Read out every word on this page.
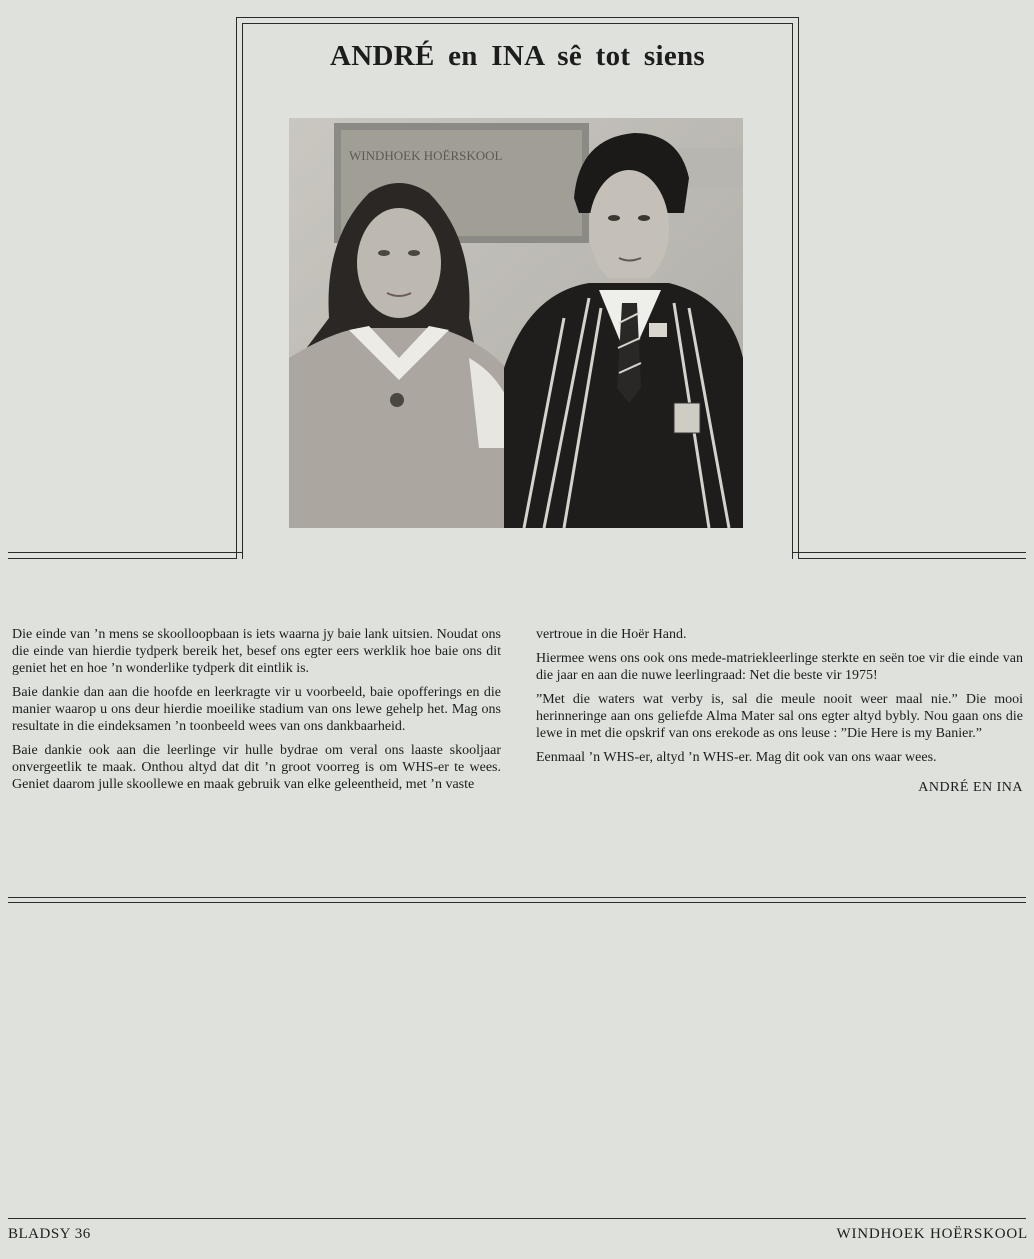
ANDRÉ en INA sê tot siens
WINDHOEK HOËRSKOOL

Die einde van ’n mens se skoolloopbaan is iets waarna jy baie lank uitsien. Noudat ons die einde van hierdie tydperk bereik het, besef ons egter eers werklik hoe baie ons dit geniet het en hoe ’n wonderlike tydperk dit eintlik is.

Baie dankie dan aan die hoofde en leerkragte vir u voorbeeld, baie opofferings en die manier waarop u ons deur hierdie moeilike stadium van ons lewe gehelp het. Mag ons resultate in die eindeksamen ’n toonbeeld wees van ons dankbaarheid.

Baie dankie ook aan die leerlinge vir hulle bydrae om veral ons laaste skooljaar onvergeetlik te maak. Onthou altyd dat dit ’n groot voorreg is om WHS-er te wees. Geniet daarom julle skoollewe en maak gebruik van elke geleentheid, met ’n vaste

vertroue in die Hoër Hand.

Hiermee wens ons ook ons mede-matriekleerlinge sterkte en seën toe vir die einde van die jaar en aan die nuwe leerlingraad: Net die beste vir 1975!

”Met die waters wat verby is, sal die meule nooit weer maal nie.” Die mooi herinneringe aan ons geliefde Alma Mater sal ons egter altyd bybly. Nou gaan ons die lewe in met die opskrif van ons erekode as ons leuse : ”Die Here is my Banier.”

Eenmaal ’n WHS-er, altyd ’n WHS-er. Mag dit ook van ons waar wees.

ANDRÉ EN INA

BLADSY 36	WINDHOEK HOËRSKOOL
